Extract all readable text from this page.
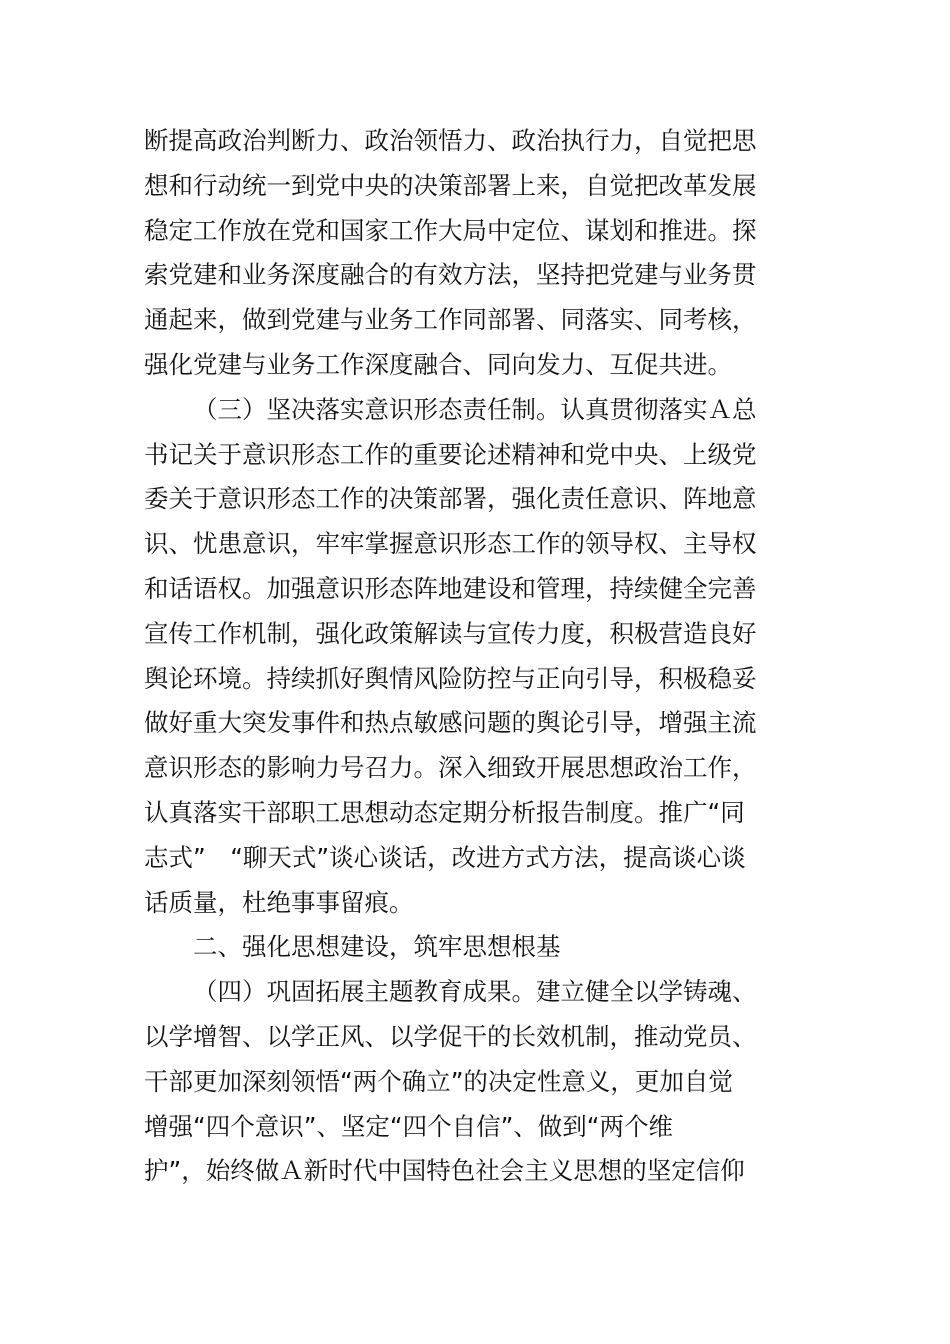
断提高政治判断力、政治领悟力、政治执行力，自觉把思
想和行动统一到党中央的决策部署上来，自觉把改革发展
稳定工作放在党和国家工作大局中定位、谋划和推进。探
索党建和业务深度融合的有效方法，坚持把党建与业务贯
通起来，做到党建与业务工作同部署、同落实、同考核，
强化党建与业务工作深度融合、同向发力、互促共进。
（三）坚决落实意识形态责任制。认真贯彻落实Ａ总
书记关于意识形态工作的重要论述精神和党中央、上级党
委关于意识形态工作的决策部署，强化责任意识、阵地意
识、忧患意识，牢牢掌握意识形态工作的领导权、主导权
和话语权。加强意识形态阵地建设和管理，持续健全完善
宣传工作机制，强化政策解读与宣传力度，积极营造良好
舆论环境。持续抓好舆情风险防控与正向引导，积极稳妥
做好重大突发事件和热点敏感问题的舆论引导，增强主流
意识形态的影响力号召力。深入细致开展思想政治工作，
认真落实干部职工思想动态定期分析报告制度。推广“同
志式”　“聊天式”谈心谈话，改进方式方法，提高谈心谈
话质量，杜绝事事留痕。
二、强化思想建设，筑牢思想根基
（四）巩固拓展主题教育成果。建立健全以学铸魂、
以学增智、以学正风、以学促干的长效机制，推动党员、
干部更加深刻领悟“两个确立”的决定性意义，更加自觉
增强“四个意识”、坚定“四个自信”、做到“两个维
护”，始终做Ａ新时代中国特色社会主义思想的坚定信仰
